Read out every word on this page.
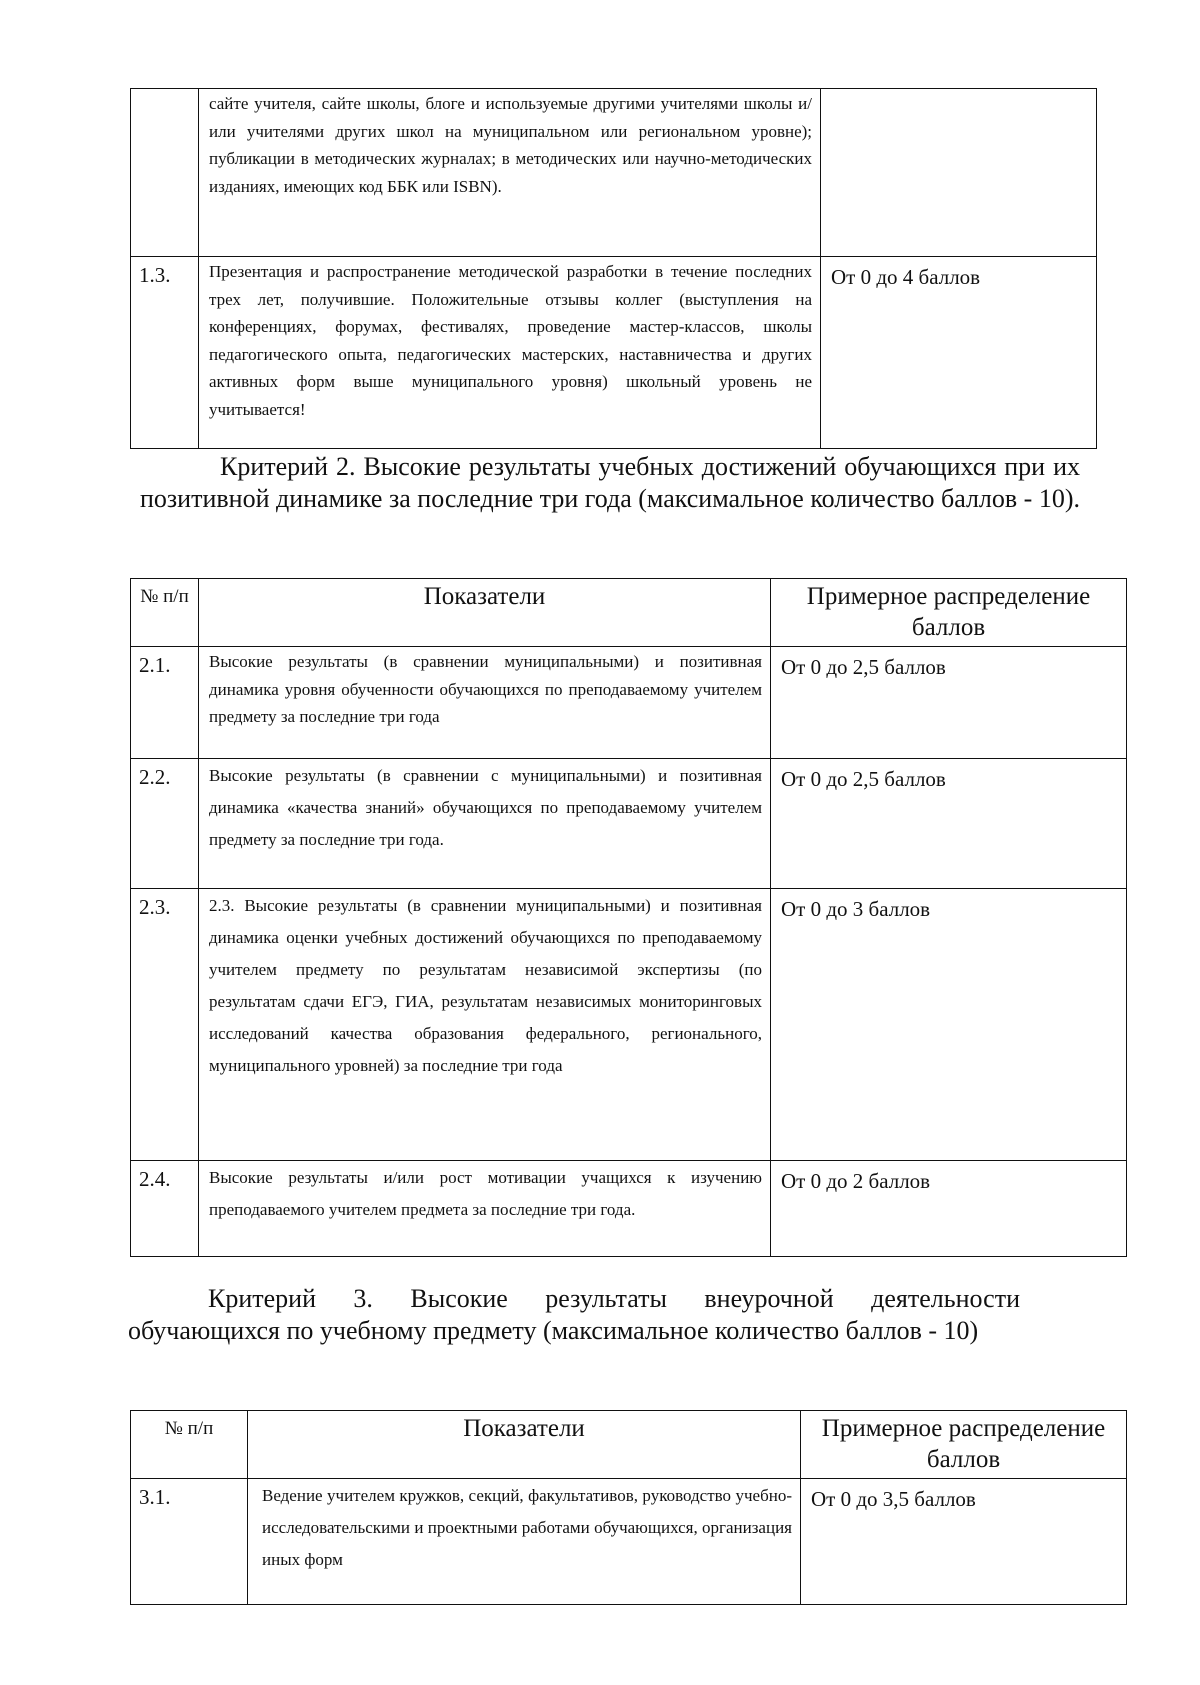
	сайте учителя, сайте школы, блоге и используемые другими учителями школы и/или учителями других школ на муниципальном или региональном уровне); публикации в методических журналах; в методических или научно-методических изданиях, имеющих код ББК или ISBN).	
1.3.	Презентация и распространение методической разработки в течение последних трех лет, получившие. Положительные отзывы коллег (выступления на конференциях, форумах, фестивалях, проведение мастер-классов, школы педагогического опыта, педагогических мастерских, наставничества и других активных форм выше муниципального уровня) школьный уровень не учитывается!	От 0 до 4 баллов
Критерий 2. Высокие результаты учебных достижений обучающихся при их позитивной динамике за последние три года (максимальное количество баллов - 10).
№ п/п	Показатели	Примерное распределение баллов
2.1.	Высокие результаты (в сравнении муниципальными) и позитивная динамика уровня обученности обучающихся по преподаваемому учителем предмету за последние три года	От 0 до 2,5 баллов
2.2.	Высокие результаты (в сравнении с муниципальными) и позитивная динамика «качества знаний» обучающихся по преподаваемому учителем предмету за последние три года.	От 0 до 2,5 баллов
2.3.	2.3. Высокие результаты (в сравнении муниципальными) и позитивная динамика оценки учебных достижений обучающихся по преподаваемому учителем предмету по результатам независимой экспертизы (по результатам сдачи ЕГЭ, ГИА, результатам независимых мониторинговых исследований качества образования федерального, регионального, муниципального уровней) за последние три года	От 0 до 3 баллов
2.4.	Высокие результаты и/или рост мотивации учащихся к изучению преподаваемого учителем предмета за последние три года.	От 0 до 2 баллов
Критерий 3. Высокие результаты внеурочной деятельности обучающихся по учебному предмету (максимальное количество баллов - 10)
№ п/п	Показатели	Примерное распределение баллов
3.1.	Ведение учителем кружков, секций, факультативов, руководство учебно-исследовательскими и проектными работами обучающихся, организация иных форм	От 0 до 3,5 баллов
